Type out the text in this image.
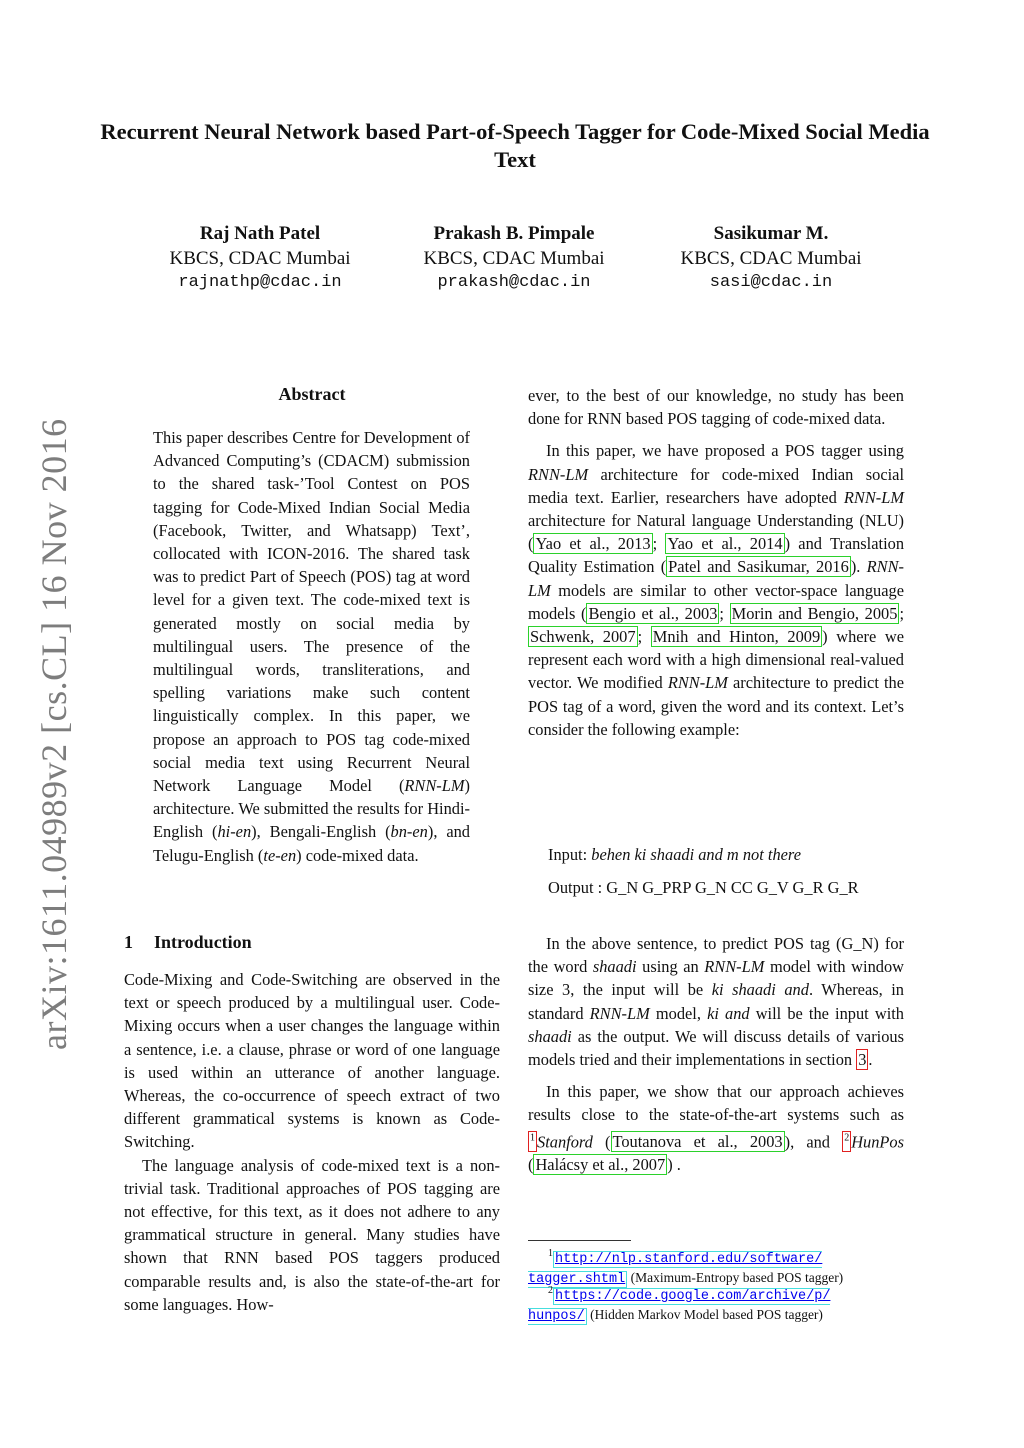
Recurrent Neural Network based Part-of-Speech Tagger for Code-Mixed Social Media Text
Raj Nath Patel
KBCS, CDAC Mumbai
rajnathp@cdac.in
Prakash B. Pimpale
KBCS, CDAC Mumbai
prakash@cdac.in
Sasikumar M.
KBCS, CDAC Mumbai
sasi@cdac.in
arXiv:1611.04989v2 [cs.CL] 16 Nov 2016
Abstract

This paper describes Centre for Development of Advanced Computing’s (CDACM) submission to the shared task-’Tool Contest on POS tagging for Code-Mixed Indian Social Media (Facebook, Twitter, and Whatsapp) Text’, collocated with ICON-2016. The shared task was to predict Part of Speech (POS) tag at word level for a given text. The code-mixed text is generated mostly on social media by multilingual users. The presence of the multilingual words, transliterations, and spelling variations make such content linguistically complex. In this paper, we propose an approach to POS tag code-mixed social media text using Recurrent Neural Network Language Model (RNN-LM) architecture. We submitted the results for Hindi-English (hi-en), Bengali-English (bn-en), and Telugu-English (te-en) code-mixed data.

1 Introduction

Code-Mixing and Code-Switching are observed in the text or speech produced by a multilingual user. Code-Mixing occurs when a user changes the language within a sentence, i.e. a clause, phrase or word of one language is used within an utterance of another language. Whereas, the co-occurrence of speech extract of two different grammatical systems is known as Code-Switching.

The language analysis of code-mixed text is a non-trivial task. Traditional approaches of POS tagging are not effective, for this text, as it does not adhere to any grammatical structure in general. Many studies have shown that RNN based POS taggers produced comparable results and, is also the state-of-the-art for some languages. How-

ever, to the best of our knowledge, no study has been done for RNN based POS tagging of code-mixed data.

In this paper, we have proposed a POS tagger using RNN-LM architecture for code-mixed Indian social media text. Earlier, researchers have adopted RNN-LM architecture for Natural language Understanding (NLU) ( Yao et al., 2013 ; Yao et al., 2014 ) and Translation Quality Estimation ( Patel and Sasikumar, 2016 ). RNN-LM models are similar to other vector-space language models ( Bengio et al., 2003 ; Morin and Bengio, 2005 ; Schwenk, 2007 ; Mnih and Hinton, 2009 ) where we represent each word with a high dimensional real-valued vector. We modified RNN-LM architecture to predict the POS tag of a word, given the word and its context. Let’s consider the following example:

Input: behen ki shaadi and m not there
Output : G_N G_PRP G_N CC G_V G_R G_R

In the above sentence, to predict POS tag (G_N) for the word shaadi using an RNN-LM model with window size 3, the input will be ki shaadi and. Whereas, in standard RNN-LM model, ki and will be the input with shaadi as the output. We will discuss details of various models tried and their implementations in section 3 .

In this paper, we show that our approach achieves results close to the state-of-the-art systems such as $^1$ Stanford ( Toutanova et al., 2003 ), and $^2$ HunPos ( Halácsy et al., 2007 ) .

$^1$ http://nlp.stanford.edu/software/
tagger.shtml (Maximum-Entropy based POS tagger)
$^2$ https://code.google.com/archive/p/
hunpos/ (Hidden Markov Model based POS tagger)
